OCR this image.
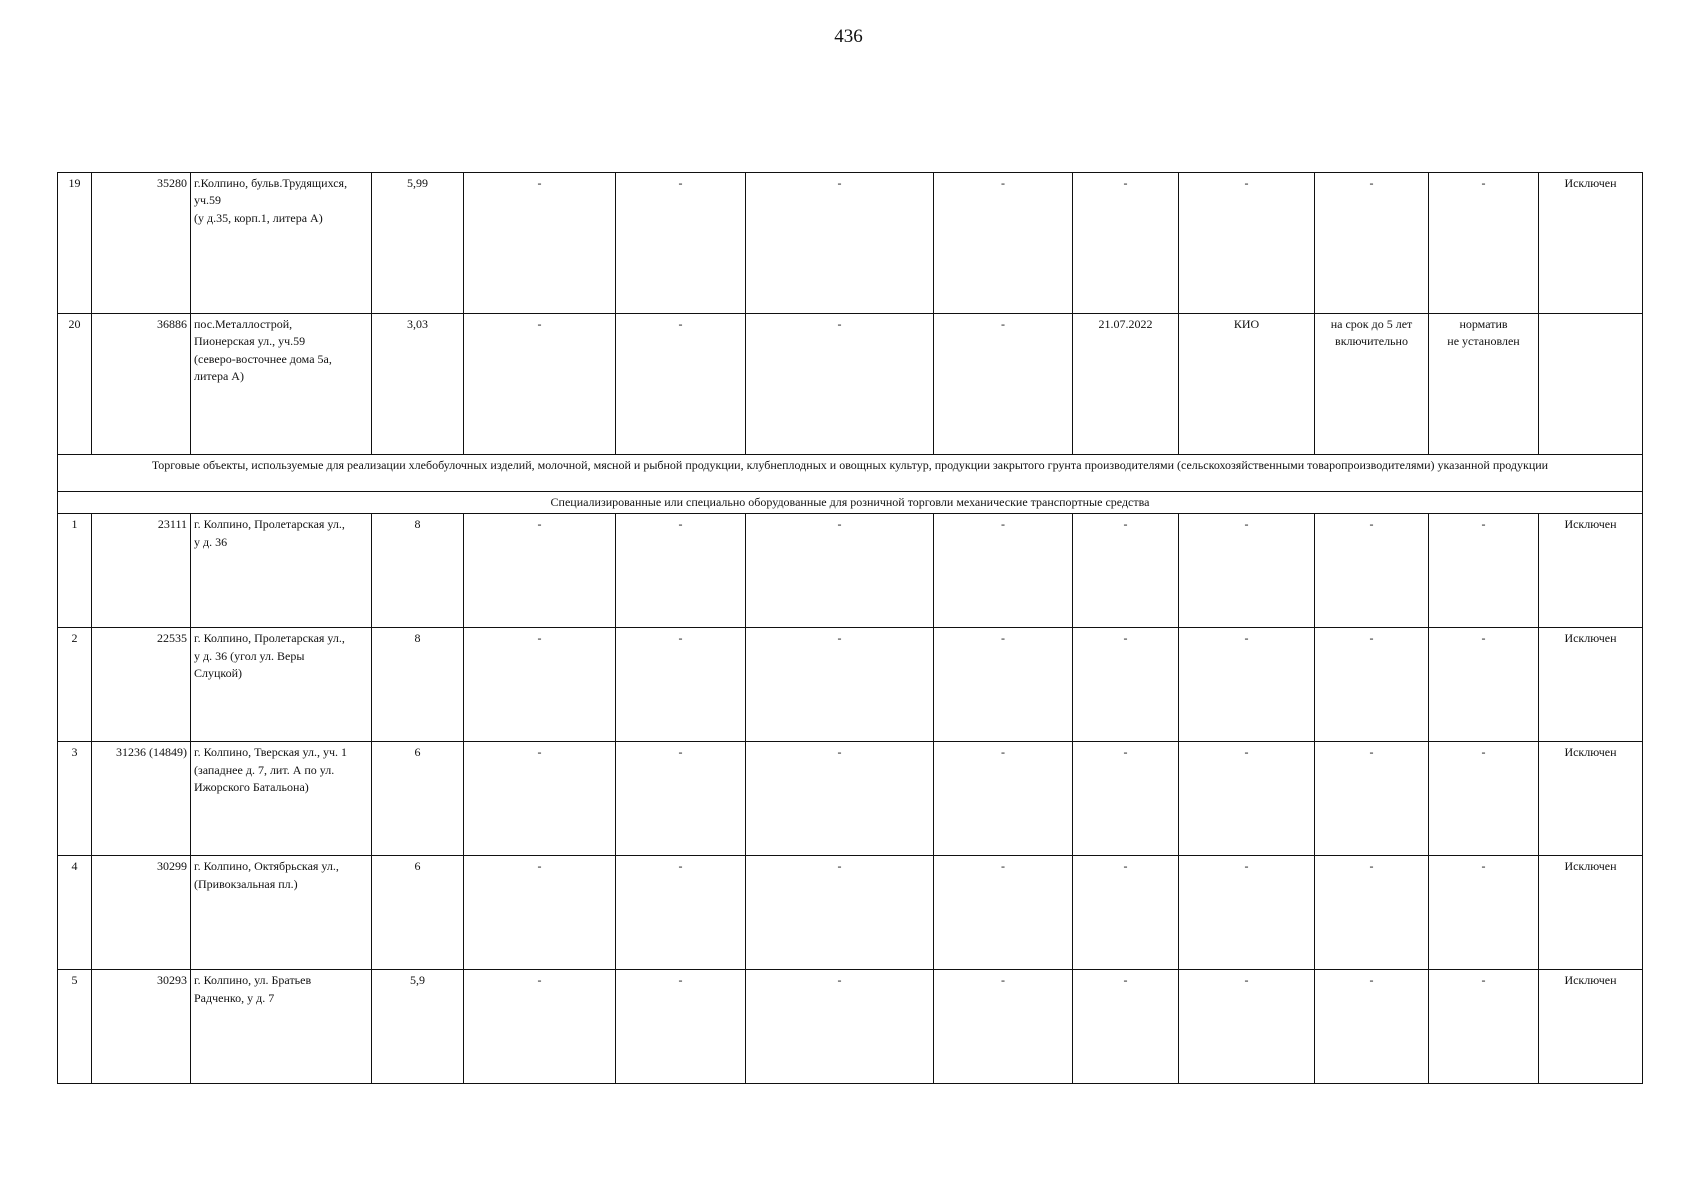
436
19	35280	г.Колпино, бульв.Трудящихся,
уч.59
(у д.35, корп.1, литера А)	5,99	-	-	-	-	-	-	-	-	Исключен
20	36886	пос.Металлострой,
Пионерская ул., уч.59
(северо-восточнее дома 5а,
литера А)	3,03	-	-	-	-	21.07.2022	КИО	на срок до 5 лет
включительно	норматив
не установлен	
Торговые объекты, используемые для реализации хлебобулочных изделий, молочной, мясной и рыбной продукции, клубнеплодных и овощных культур, продукции закрытого грунта производителями (сельскохозяйственными товаропроизводителями) указанной продукции												
Специализированные или специально оборудованные для розничной торговли механические транспортные средства												
1	23111	г. Колпино, Пролетарская ул.,
у д. 36	8	-	-	-	-	-	-	-	-	Исключен
2	22535	г. Колпино, Пролетарская ул.,
у д. 36 (угол ул. Веры
Слуцкой)	8	-	-	-	-	-	-	-	-	Исключен
3	31236 (14849)	г. Колпино, Тверская ул., уч. 1
(западнее д. 7, лит. А по ул.
Ижорского Батальона)	6	-	-	-	-	-	-	-	-	Исключен
4	30299	г. Колпино, Октябрьская ул.,
(Привокзальная пл.)	6	-	-	-	-	-	-	-	-	Исключен
5	30293	г. Колпино, ул. Братьев
Радченко, у д. 7	5,9	-	-	-	-	-	-	-	-	Исключен
